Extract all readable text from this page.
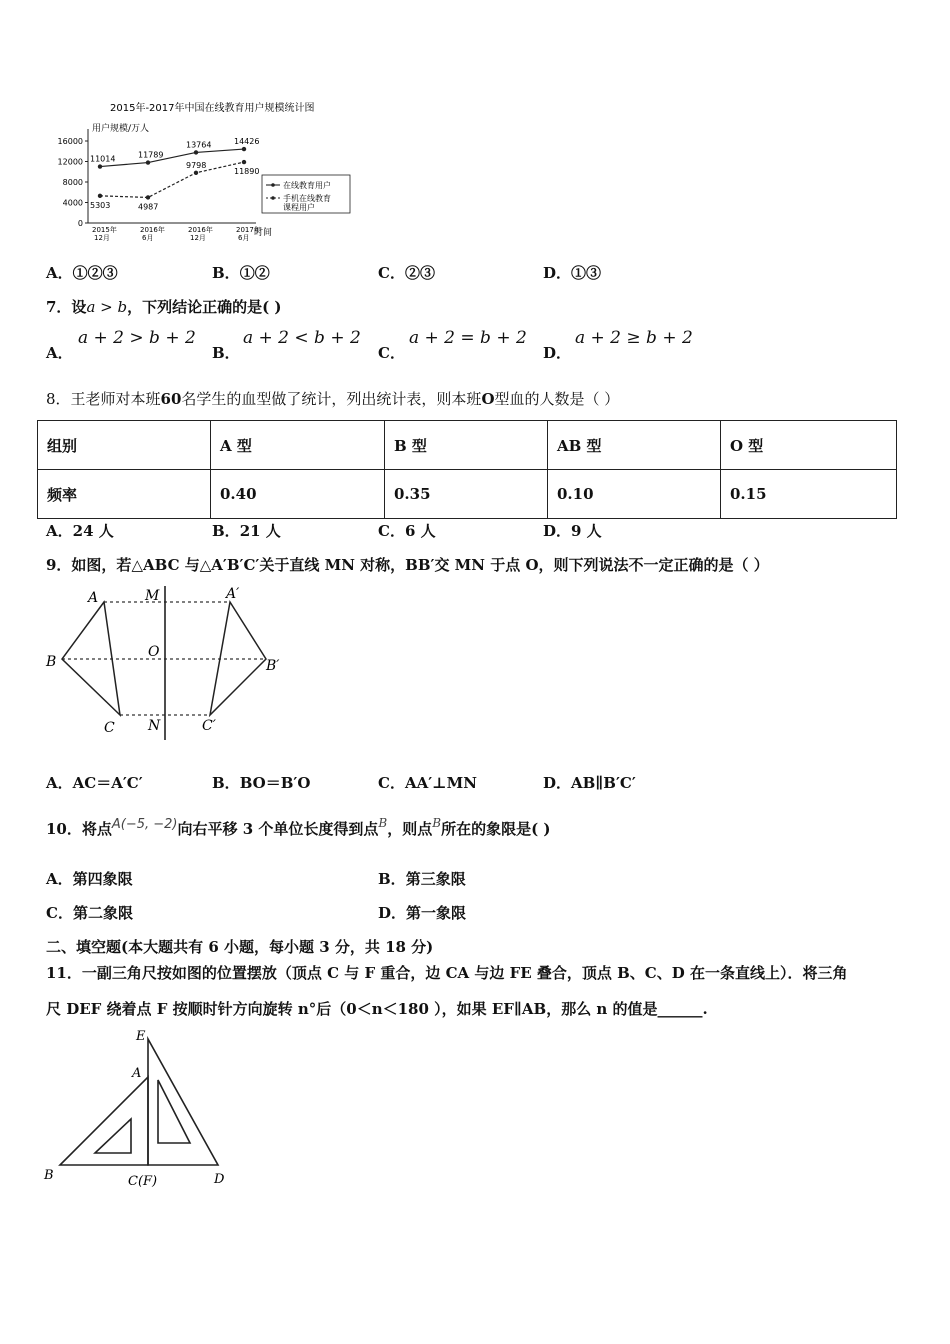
2015年-2017年中国在线教育用户规模统计图
用户规模/万人
时间
16000
12000
8000
4000
0
2015年
12月
2016年
6月
2016年
12月
2017年
6月
11014	11789
13764	14426
5303	4987
9798
11890
在线教育用户
手机在线教育
课程用户
A．①②③	B．①②	C．②③	D．①③
7．设a > b，下列结论正确的是( )
A．
a + 2 > b + 2
B．
a + 2 < b + 2
C．
a + 2 = b + 2
D．
a + 2 ≥ b + 2
8．王老师对本班60名学生的血型做了统计，列出统计表，则本班O型血的人数是（ ）
组别	A 型	B 型	AB 型	O 型
频率	0.40	0.35	0.10	0.15
A．24 人	B．21 人	C．6 人	D．9 人
9．如图，若△ABC 与△A′B′C′关于直线 MN 对称，BB′交 MN 于点 O，则下列说法不一定正确的是（ ）
A
B
C
M
O
N
A′
B′
C′
A．AC＝A′C′	B．BO＝B′O	C．AA′⊥MN	D．AB∥B′C′
10．将点A(−5, −2)向右平移 3 个单位长度得到点$^B$，则点$^B$所在的象限是( )
A．第四象限	B．第三象限
C．第二象限	D．第一象限
二、填空题(本大题共有 6 小题，每小题 3 分，共 18 分)
11．一副三角尺按如图的位置摆放（顶点 C 与 F 重合，边 CA 与边 FE 叠合，顶点 B、C、D 在一条直线上）．将三角
尺 DEF 绕着点 F 按顺时针方向旋转 n°后（0＜n＜180 ），如果 EF∥AB，那么 n 的值是______.
E
A
B	C(F)	D
